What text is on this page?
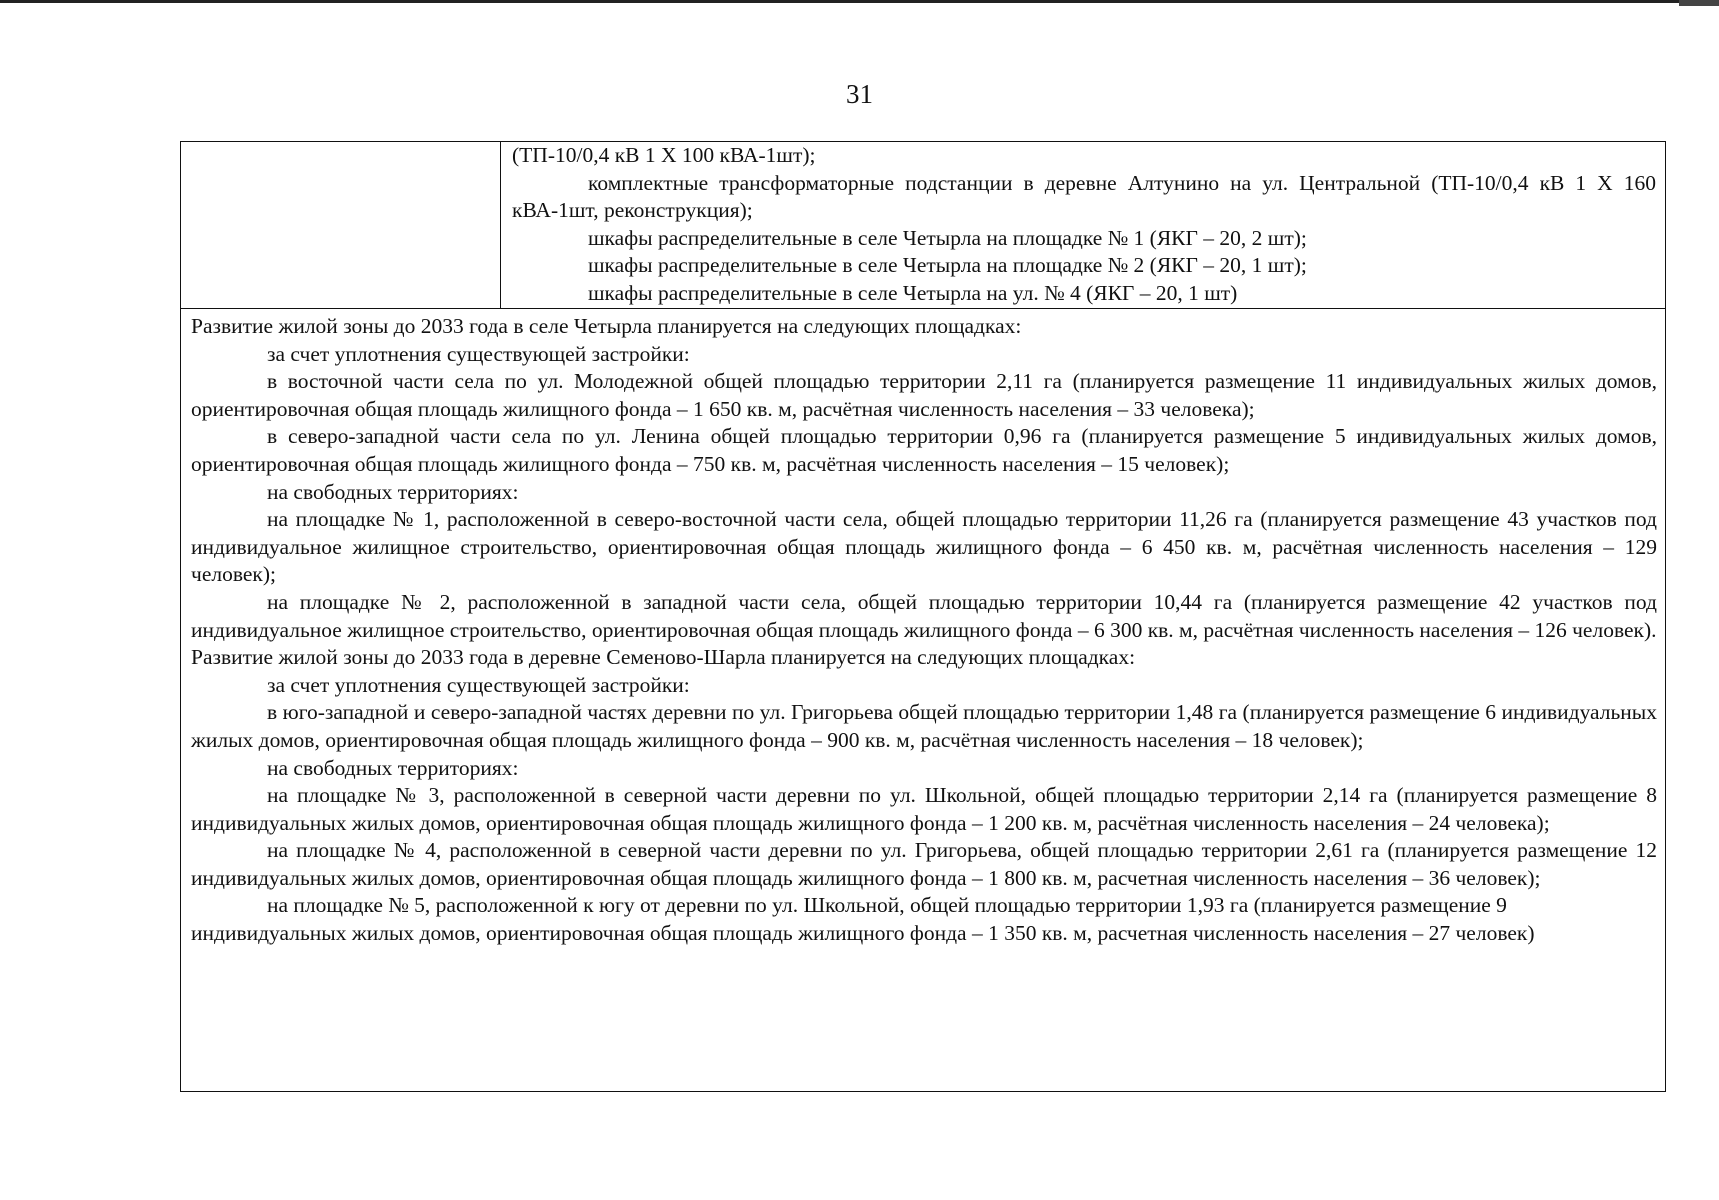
31

(ТП-10/0,4 кВ 1 Х 100 кВА-1шт);

комплектные трансформаторные подстанции в деревне Алтунино на ул. Центральной (ТП-10/0,4 кВ 1 Х 160 кВА-1шт, реконструкция);

шкафы распределительные в селе Четырла на площадке № 1 (ЯКГ – 20, 2 шт);

шкафы распределительные в селе Четырла на площадке № 2 (ЯКГ – 20, 1 шт);

шкафы распределительные в селе Четырла на ул. № 4 (ЯКГ – 20, 1 шт)

Развитие жилой зоны до 2033 года в селе Четырла планируется на следующих площадках:

за счет уплотнения существующей застройки:

в восточной части села по ул. Молодежной общей площадью территории 2,11 га (планируется размещение 11 индивидуальных жилых домов, ориентировочная общая площадь жилищного фонда – 1 650 кв. м, расчётная численность населения – 33 человека);

в северо-западной части села по ул. Ленина общей площадью территории 0,96 га (планируется размещение 5 индивидуальных жилых домов, ориентировочная общая площадь жилищного фонда – 750 кв. м, расчётная численность населения – 15 человек);

на свободных территориях:

на площадке № 1, расположенной в северо-восточной части села, общей площадью территории 11,26 га (планируется размещение 43 участков под индивидуальное жилищное строительство, ориентировочная общая площадь жилищного фонда – 6 450 кв. м, расчётная численность населения – 129 человек);

на площадке № 2, расположенной в западной части села, общей площадью территории 10,44 га (планируется размещение 42 участков под индивидуальное жилищное строительство, ориентировочная общая площадь жилищного фонда – 6 300 кв. м, расчётная численность населения – 126 человек).

Развитие жилой зоны до 2033 года в деревне Семеново-Шарла планируется на следующих площадках:

за счет уплотнения существующей застройки:

в юго-западной и северо-западной частях деревни по ул. Григорьева общей площадью территории 1,48 га (планируется размещение 6 индивидуальных жилых домов, ориентировочная общая площадь жилищного фонда – 900 кв. м, расчётная численность населения – 18 человек);

на свободных территориях:

на площадке № 3, расположенной в северной части деревни по ул. Школьной, общей площадью территории 2,14 га (планируется размещение 8 индивидуальных жилых домов, ориентировочная общая площадь жилищного фонда – 1 200 кв. м, расчётная численность населения – 24 человека);

на площадке № 4, расположенной в северной части деревни по ул. Григорьева, общей площадью территории 2,61 га (планируется размещение 12 индивидуальных жилых домов, ориентировочная общая площадь жилищного фонда – 1 800 кв. м, расчетная численность населения – 36 человек);

на площадке № 5, расположенной к югу от деревни по ул. Школьной, общей площадью территории 1,93 га (планируется размещение 9 индивидуальных жилых домов, ориентировочная общая площадь жилищного фонда – 1 350 кв. м, расчетная численность населения – 27 человек)
